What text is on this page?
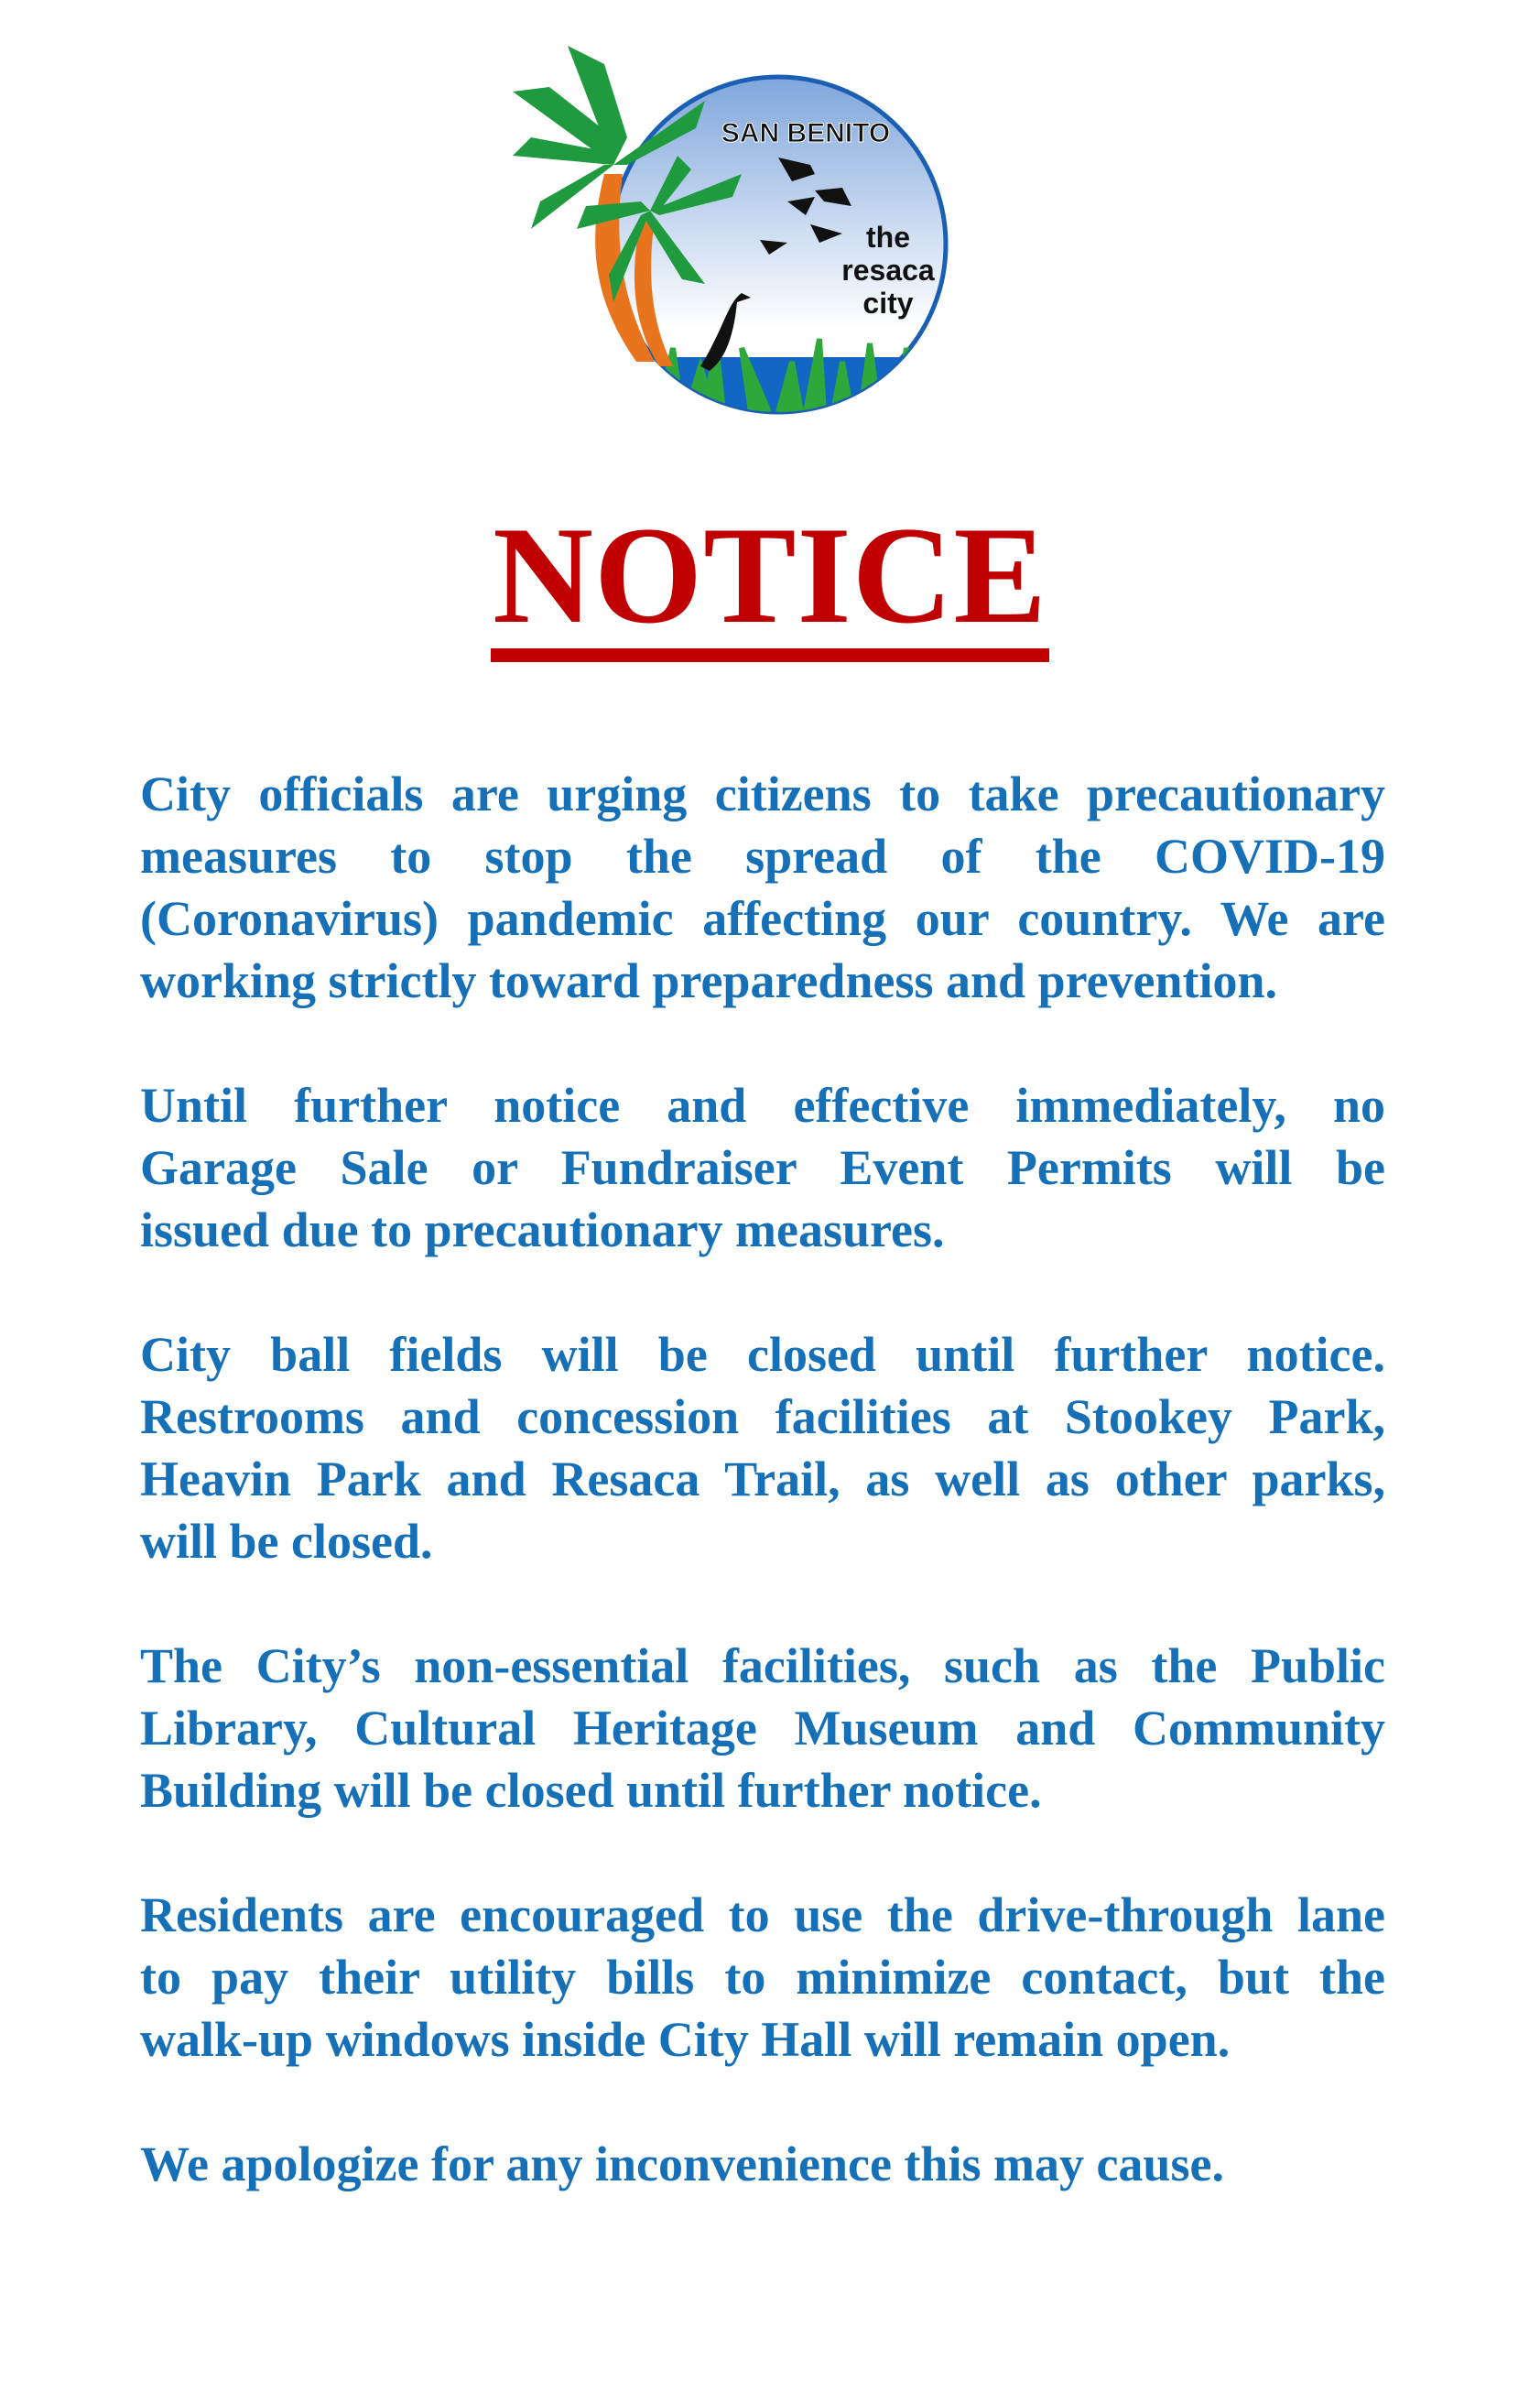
SAN BENITO
the
resaca
city
NOTICE
City officials are urging citizens to take precautionary
measures to stop the spread of the COVID-19
(Coronavirus) pandemic affecting our country. We are
working strictly toward preparedness and prevention.
Until further notice and effective immediately, no
Garage Sale or Fundraiser Event Permits will be
issued due to precautionary measures.
City ball fields will be closed until further notice.
Restrooms and concession facilities at Stookey Park,
Heavin Park and Resaca Trail, as well as other parks,
will be closed.
The City’s non-essential facilities, such as the Public
Library, Cultural Heritage Museum and Community
Building will be closed until further notice.
Residents are encouraged to use the drive-through lane
to pay their utility bills to minimize contact, but the
walk-up windows inside City Hall will remain open.
We apologize for any inconvenience this may cause.
